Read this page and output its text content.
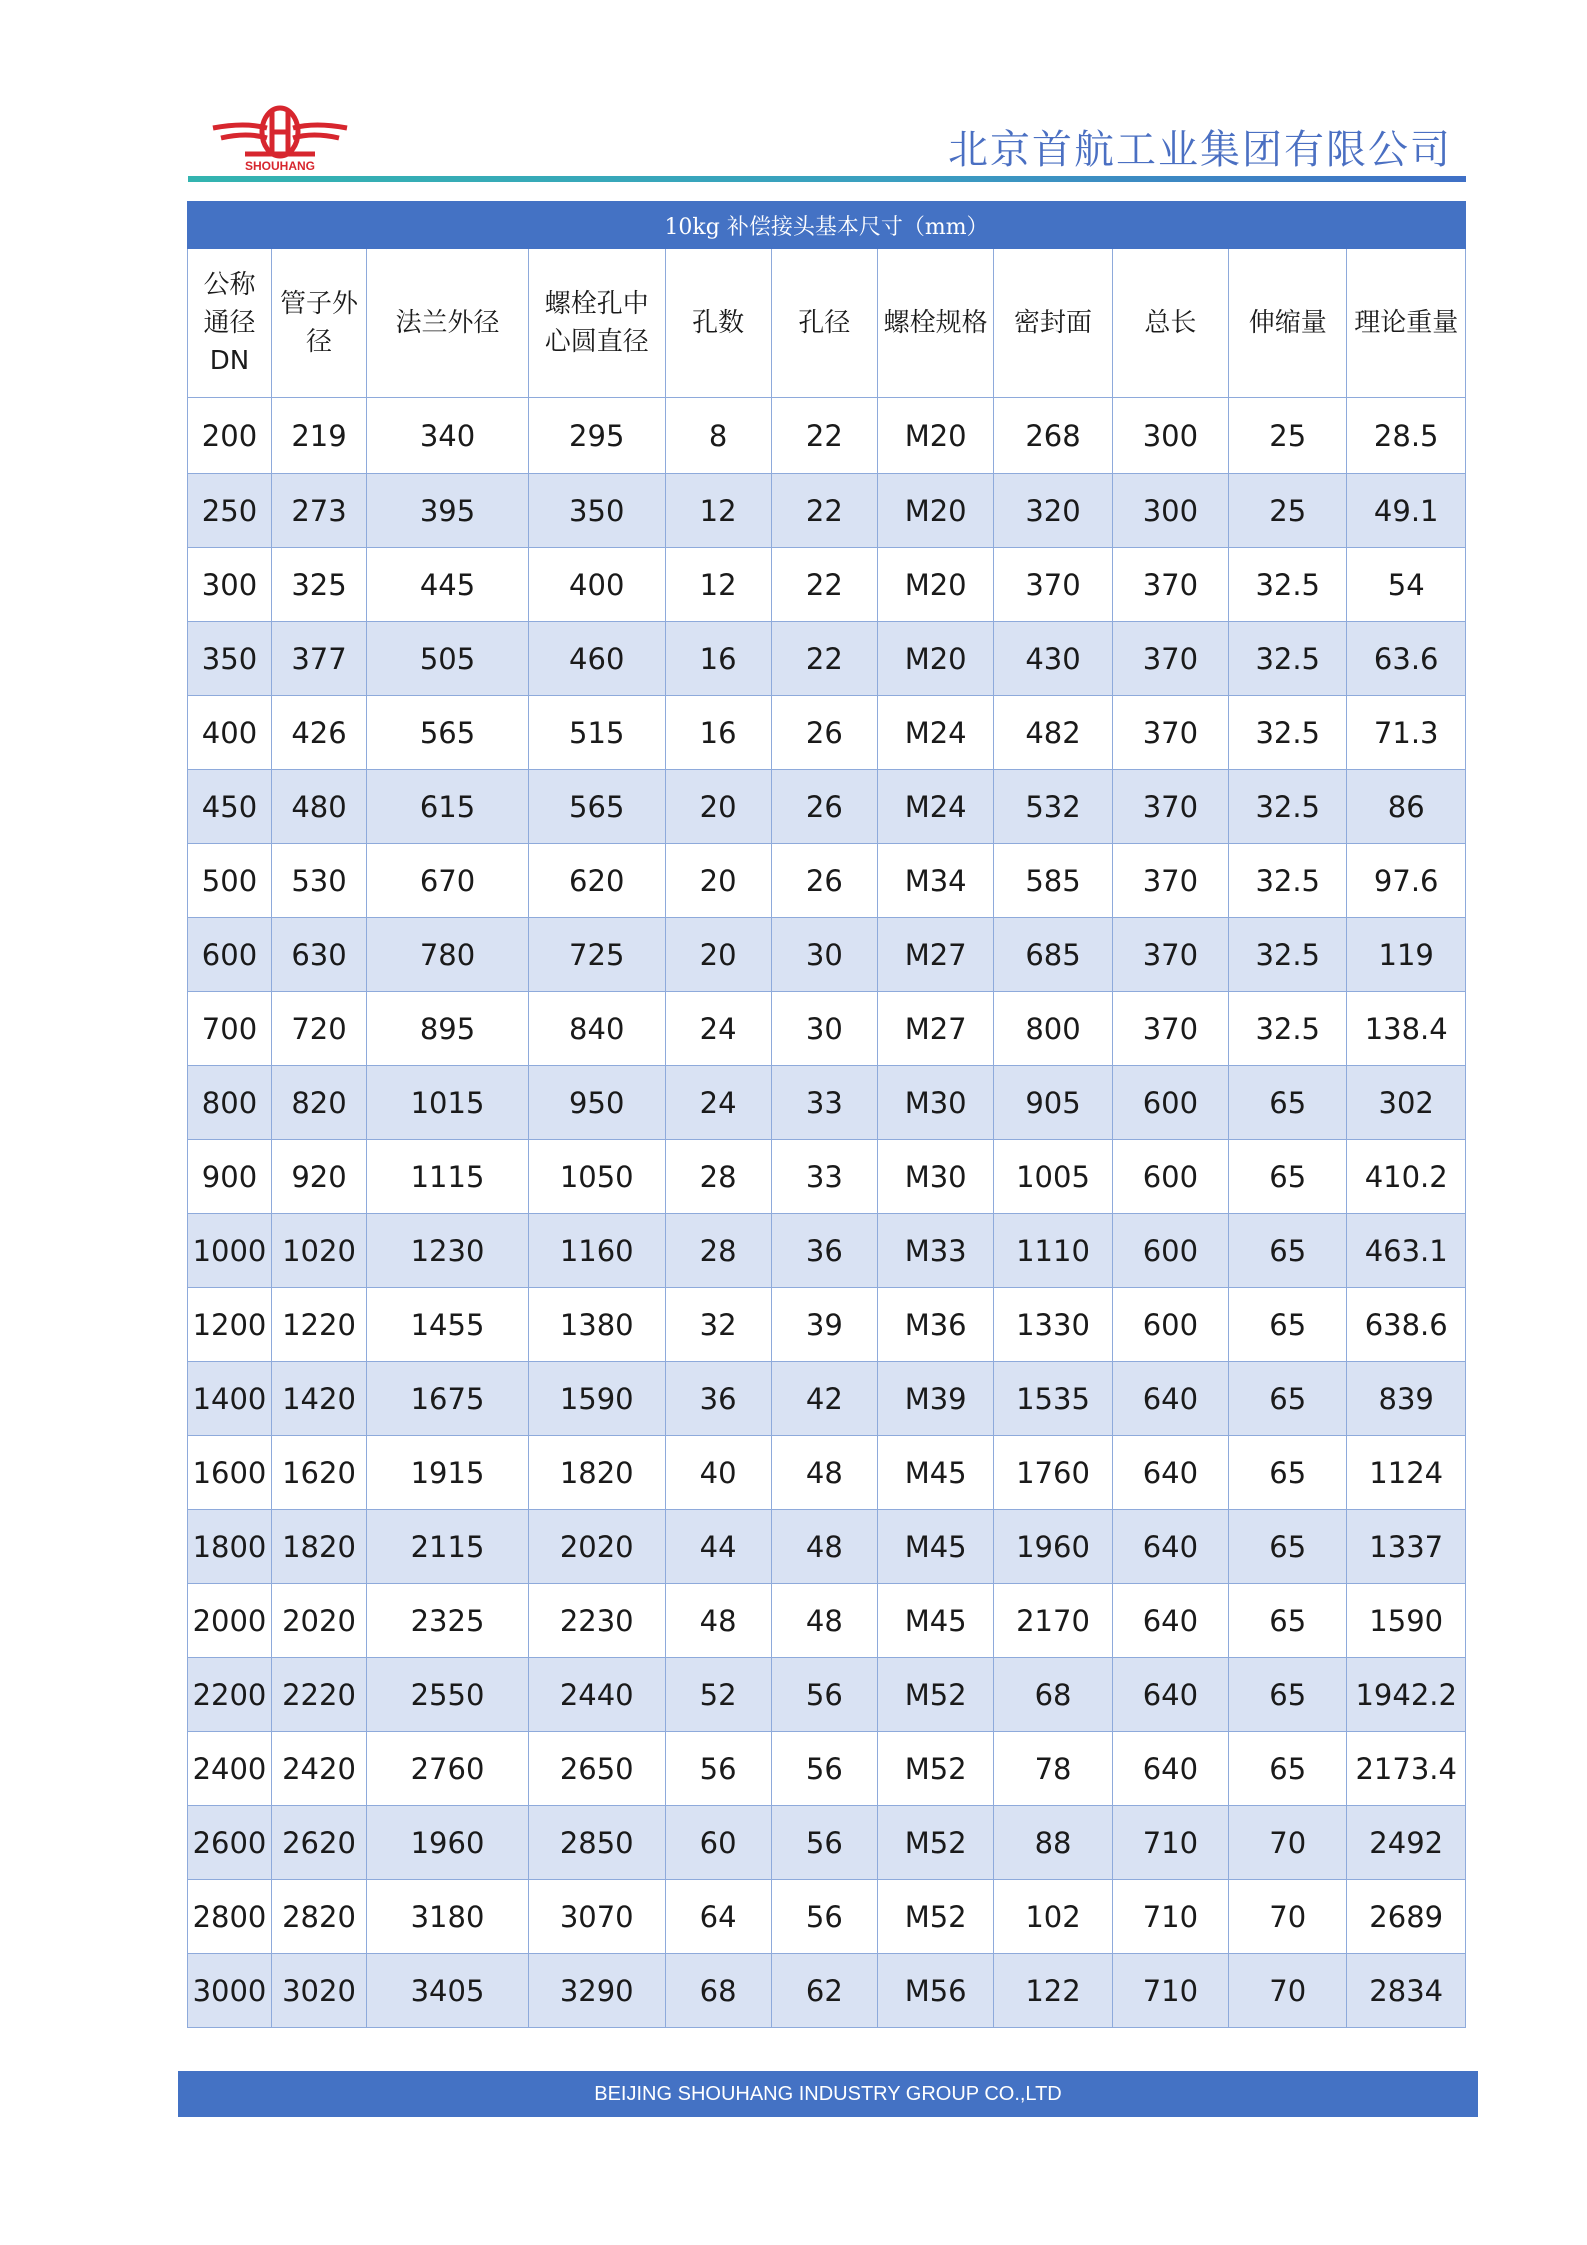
SHOUHANG	北京首航工业集团有限公司
10kg 补偿接头基本尺寸（mm）										
公称通径DN	管子外径	法兰外径	螺栓孔中心圆直径	孔数	孔径	螺栓规格	密封面	总长	伸缩量	理论重量
200	219	340	295	8	22	M20	268	300	25	28.5
250	273	395	350	12	22	M20	320	300	25	49.1
300	325	445	400	12	22	M20	370	370	32.5	54
350	377	505	460	16	22	M20	430	370	32.5	63.6
400	426	565	515	16	26	M24	482	370	32.5	71.3
450	480	615	565	20	26	M24	532	370	32.5	86
500	530	670	620	20	26	M34	585	370	32.5	97.6
600	630	780	725	20	30	M27	685	370	32.5	119
700	720	895	840	24	30	M27	800	370	32.5	138.4
800	820	1015	950	24	33	M30	905	600	65	302
900	920	1115	1050	28	33	M30	1005	600	65	410.2
1000	1020	1230	1160	28	36	M33	1110	600	65	463.1
1200	1220	1455	1380	32	39	M36	1330	600	65	638.6
1400	1420	1675	1590	36	42	M39	1535	640	65	839
1600	1620	1915	1820	40	48	M45	1760	640	65	1124
1800	1820	2115	2020	44	48	M45	1960	640	65	1337
2000	2020	2325	2230	48	48	M45	2170	640	65	1590
2200	2220	2550	2440	52	56	M52	68	640	65	1942.2
2400	2420	2760	2650	56	56	M52	78	640	65	2173.4
2600	2620	1960	2850	60	56	M52	88	710	70	2492
2800	2820	3180	3070	64	56	M52	102	710	70	2689
3000	3020	3405	3290	68	62	M56	122	710	70	2834
BEIJING SHOUHANG INDUSTRY GROUP CO.,LTD
